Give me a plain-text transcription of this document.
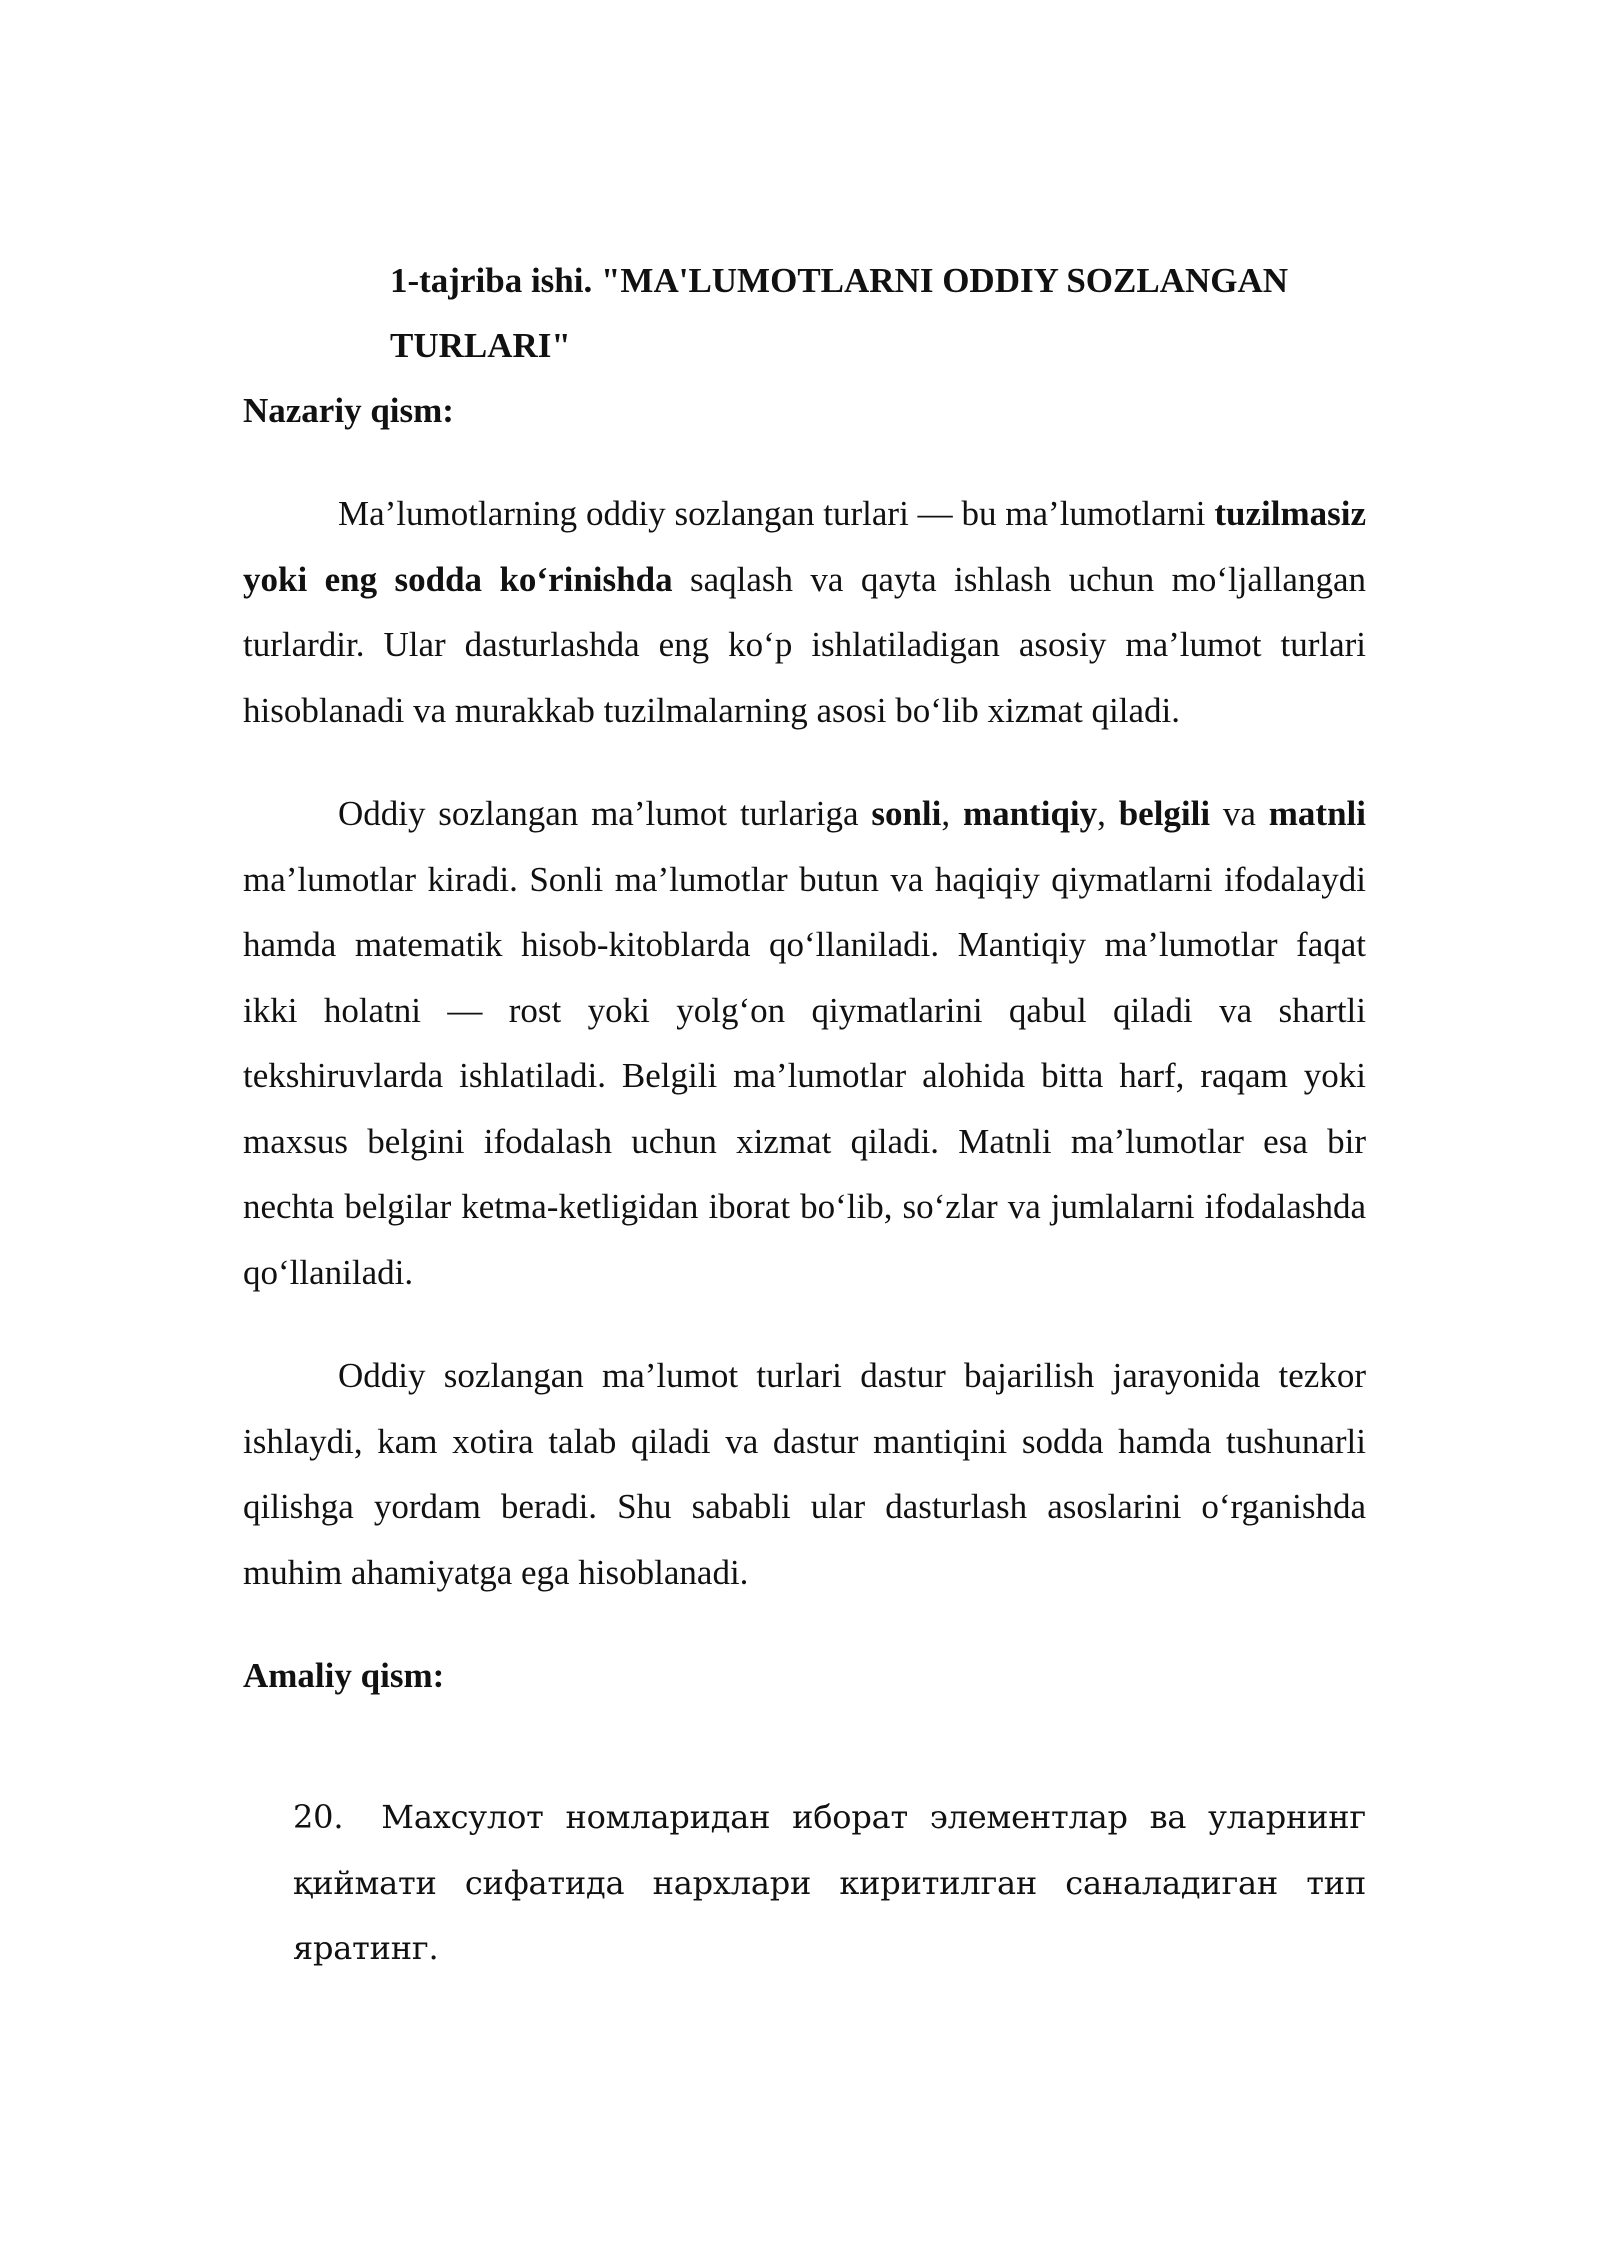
1-tajriba ishi. "MA'LUMOTLARNI ODDIY SOZLANGAN TURLARI"

Nazariy qism:

Ma’lumotlarning oddiy sozlangan turlari — bu ma’lumotlarni tuzilmasiz yoki eng sodda ko‘rinishda saqlash va qayta ishlash uchun mo‘ljallangan turlardir. Ular dasturlashda eng ko‘p ishlatiladigan asosiy ma’lumot turlari hisoblanadi va murakkab tuzilmalarning asosi bo‘lib xizmat qiladi.

Oddiy sozlangan ma’lumot turlariga sonli, mantiqiy, belgili va matnli ma’lumotlar kiradi. Sonli ma’lumotlar butun va haqiqiy qiymatlarni ifodalaydi hamda matematik hisob-kitoblarda qo‘llaniladi. Mantiqiy ma’lumotlar faqat ikki holatni — rost yoki yolg‘on qiymatlarini qabul qiladi va shartli tekshiruvlarda ishlatiladi. Belgili ma’lumotlar alohida bitta harf, raqam yoki maxsus belgini ifodalash uchun xizmat qiladi. Matnli ma’lumotlar esa bir nechta belgilar ketma-ketligidan iborat bo‘lib, so‘zlar va jumlalarni ifodalashda qo‘llaniladi.

Oddiy sozlangan ma’lumot turlari dastur bajarilish jarayonida tezkor ishlaydi, kam xotira talab qiladi va dastur mantiqini sodda hamda tushunarli qilishga yordam beradi. Shu sababli ular dasturlash asoslarini o‘rganishda muhim ahamiyatga ega hisoblanadi.

Amaliy qism:

20. Махсулот номларидан иборат элементлар ва уларнинг қиймати сифатида нархлари киритилган саналадиган тип яратинг.
